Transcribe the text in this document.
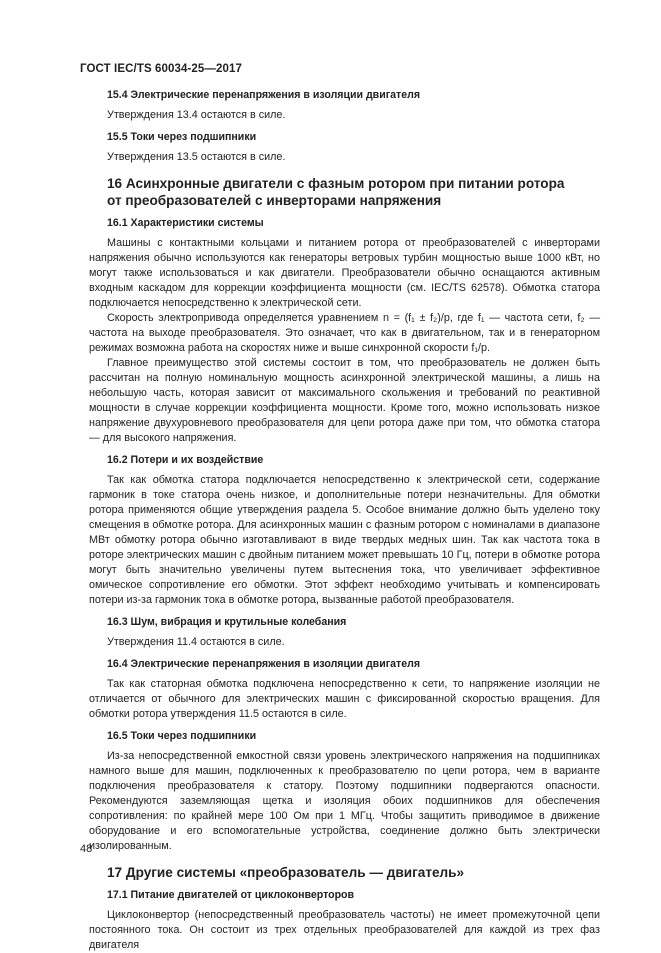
ГОСТ IEC/TS 60034-25—2017
15.4 Электрические перенапряжения в изоляции двигателя
Утверждения 13.4 остаются в силе.
15.5 Токи через подшипники
Утверждения 13.5 остаются в силе.
16 Асинхронные двигатели с фазным ротором при питании ротора
от преобразователей с инверторами напряжения
16.1 Характеристики системы

Машины с контактными кольцами и питанием ротора от преобразователей с инверторами напряжения обычно используются как генераторы ветровых турбин мощностью выше 1000 кВт, но могут также использоваться и как двигатели. Преобразователи обычно оснащаются активным входным каскадом для коррекции коэффициента мощности (см. IEC/TS 62578). Обмотка статора подключается непосредственно к электрической сети.

Скорость электропривода определяется уравнением n = (f₁ ± f₂)/p, где f₁ — частота сети, f₂ — частота на выходе преобразователя. Это означает, что как в двигательном, так и в генераторном режимах возможна работа на скоростях ниже и выше синхронной скорости f₁/p.

Главное преимущество этой системы состоит в том, что преобразователь не должен быть рассчитан на полную номинальную мощность асинхронной электрической машины, а лишь на небольшую часть, которая зависит от максимального скольжения и требований по реактивной мощности в случае коррекции коэффициента мощности. Кроме того, можно использовать низкое напряжение двухуровневого преобразователя для цепи ротора даже при том, что обмотка статора — для высокого напряжения.

16.2 Потери и их воздействие

Так как обмотка статора подключается непосредственно к электрической сети, содержание гармоник в токе статора очень низкое, и дополнительные потери незначительны. Для обмотки ротора применяются общие утверждения раздела 5. Особое внимание должно быть уделено току смещения в обмотке ротора. Для асинхронных машин с фазным ротором с номиналами в диапазоне МВт обмотку ротора обычно изготавливают в виде твердых медных шин. Так как частота тока в роторе электрических машин с двойным питанием может превышать 10 Гц, потери в обмотке ротора могут быть значительно увеличены путем вытеснения тока, что увеличивает эффективное омическое сопротивление его обмотки. Этот эффект необходимо учитывать и компенсировать потери из-за гармоник тока в обмотке ротора, вызванные работой преобразователя.

16.3 Шум, вибрация и крутильные колебания
Утверждения 11.4 остаются в силе.
16.4 Электрические перенапряжения в изоляции двигателя

Так как статорная обмотка подключена непосредственно к сети, то напряжение изоляции не отличается от обычного для электрических машин с фиксированной скоростью вращения. Для обмотки ротора утверждения 11.5 остаются в силе.

16.5 Токи через подшипники

Из-за непосредственной емкостной связи уровень электрического напряжения на подшипниках намного выше для машин, подключенных к преобразователю по цепи ротора, чем в варианте подключения преобразователя к статору. Поэтому подшипники подвергаются опасности. Рекомендуются заземляющая щетка и изоляция обоих подшипников для обеспечения сопротивления: по крайней мере 100 Ом при 1 МГц. Чтобы защитить приводимое в движение оборудование и его вспомогательные устройства, соединение должно быть электрически изолированным.

17 Другие системы «преобразователь — двигатель»
17.1 Питание двигателей от циклоконверторов

Циклоконвертор (непосредственный преобразователь частоты) не имеет промежуточной цепи постоянного тока. Он состоит из трех отдельных преобразователей для каждой из трех фаз двигателя

48
